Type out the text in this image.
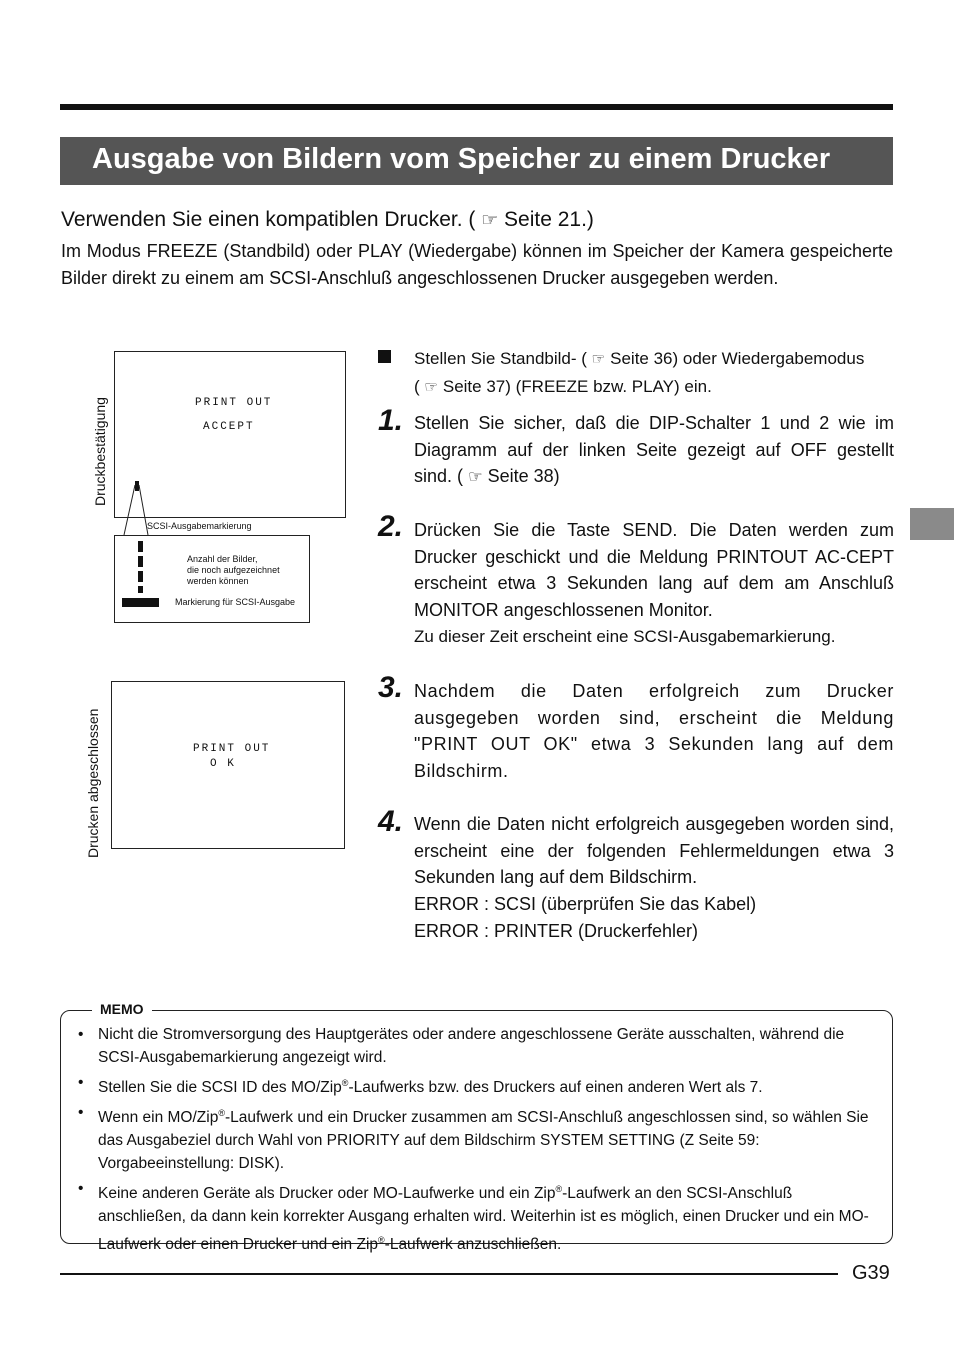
Ausgabe von Bildern vom Speicher zu einem Drucker
Verwenden Sie einen kompatiblen Drucker. ( ☞ Seite 21.)

Im Modus FREEZE (Standbild) oder PLAY (Wiedergabe) können im Speicher der Kamera gespeicherte Bilder direkt zu einem am SCSI-Anschluß angeschlossenen Drucker ausgegeben werden.

Druckbestätigung	PRINT OUT
ACCEPT
SCSI-Ausgabemarkierung
Anzahl der Bilder,
die noch aufgezeichnet
werden können
Markierung für SCSI-Ausgabe
Drucken abgeschlossen	PRINT OUT
O K

Stellen Sie Standbild- ( ☞ Seite 36) oder Wiedergabemodus

( ☞ Seite 37) (FREEZE bzw. PLAY) ein.

1. Stellen Sie sicher, daß die DIP-Schalter 1 und 2 wie im Diagramm auf der linken Seite gezeigt auf OFF gestellt sind. ( ☞ Seite 38)

2. Drücken Sie die Taste SEND. Die Daten werden zum Drucker geschickt und die Meldung PRINTOUT AC-CEPT erscheint etwa 3 Sekunden lang auf dem am Anschluß MONITOR angeschlossenen Monitor.

Zu dieser Zeit erscheint eine SCSI-Ausgabemarkierung.

3. Nachdem die Daten erfolgreich zum Drucker ausgegeben worden sind, erscheint die Meldung "PRINT OUT OK" etwa 3 Sekunden lang auf dem Bildschirm.

4. Wenn die Daten nicht erfolgreich ausgegeben worden sind, erscheint eine der folgenden Fehlermeldungen etwa 3 Sekunden lang auf dem Bildschirm.

ERROR : SCSI (überprüfen Sie das Kabel)

ERROR : PRINTER (Druckerfehler)

MEMO
• Nicht die Stromversorgung des Hauptgerätes oder andere angeschlossene Geräte ausschalten, während die SCSI-Ausgabemarkierung angezeigt wird.
• Stellen Sie die SCSI ID des MO/Zip®-Laufwerks bzw. des Druckers auf einen anderen Wert als 7.
• Wenn ein MO/Zip®-Laufwerk und ein Drucker zusammen am SCSI-Anschluß angeschlossen sind, so wählen Sie das Ausgabeziel durch Wahl von PRIORITY auf dem Bildschirm SYSTEM SETTING (Z Seite 59: Vorgabeeinstellung: DISK).
• Keine anderen Geräte als Drucker oder MO-Laufwerke und ein Zip®-Laufwerk an den SCSI-Anschluß anschließen, da dann kein korrekter Ausgang erhalten wird. Weiterhin ist es möglich, einen Drucker und ein MO-Laufwerk oder einen Drucker und ein Zip®-Laufwerk anzuschließen.
G39
